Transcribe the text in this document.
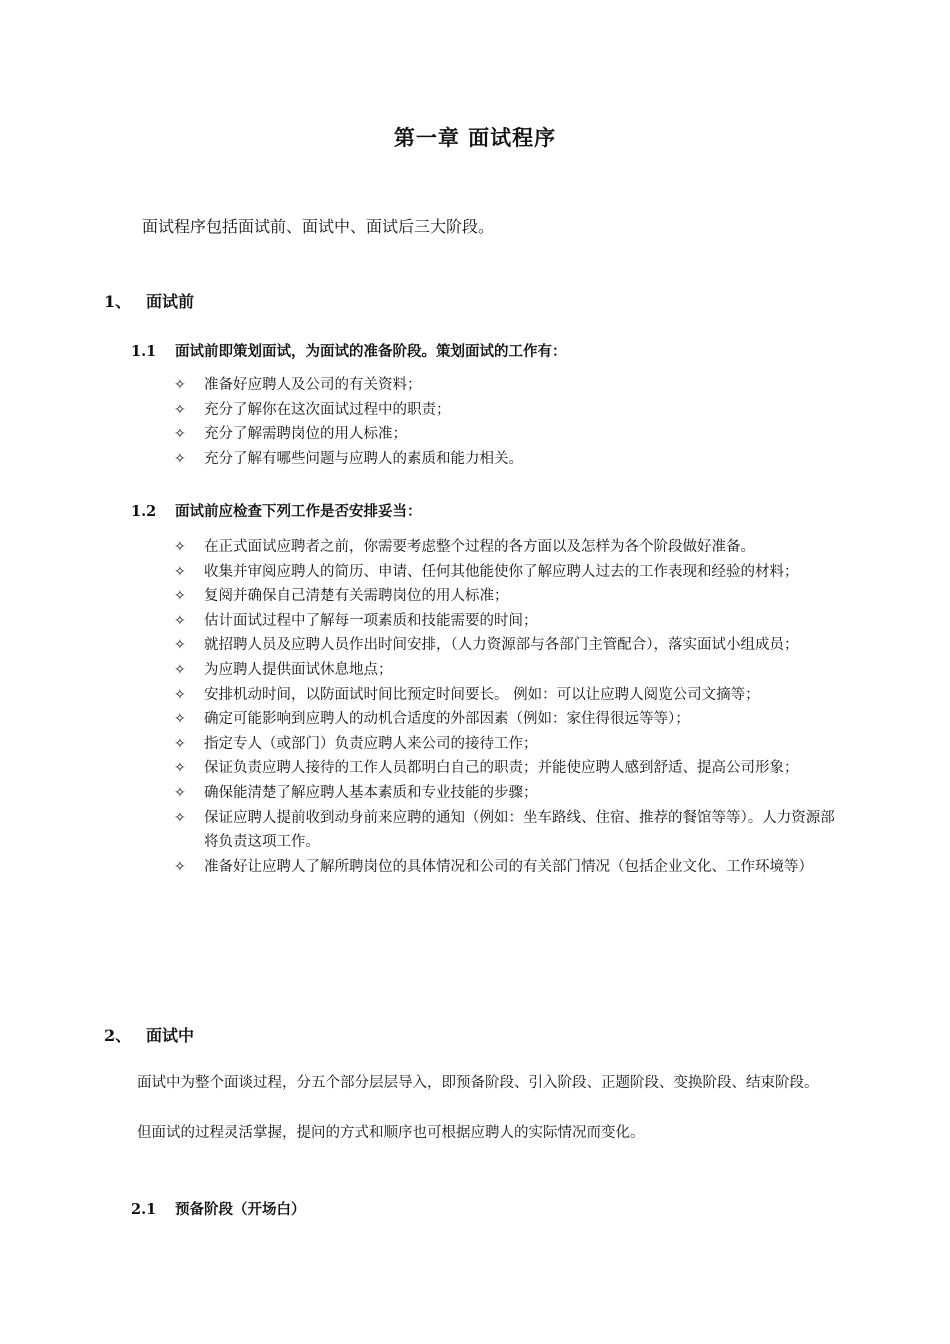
第一章 面试程序
面试程序包括面试前、面试中、面试后三大阶段。
1、 面试前
1.1 面试前即策划面试，为面试的准备阶段。策划面试的工作有：
✧ 准备好应聘人及公司的有关资料；
✧ 充分了解你在这次面试过程中的职责；
✧ 充分了解需聘岗位的用人标准；
✧ 充分了解有哪些问题与应聘人的素质和能力相关。
1.2 面试前应检查下列工作是否安排妥当：
✧ 在正式面试应聘者之前，你需要考虑整个过程的各方面以及怎样为各个阶段做好准备。
✧ 收集并审阅应聘人的简历、申请、任何其他能使你了解应聘人过去的工作表现和经验的材料；
✧ 复阅并确保自己清楚有关需聘岗位的用人标准；
✧ 估计面试过程中了解每一项素质和技能需要的时间；
✧ 就招聘人员及应聘人员作出时间安排，（人力资源部与各部门主管配合），落实面试小组成员；
✧ 为应聘人提供面试休息地点；
✧ 安排机动时间，以防面试时间比预定时间要长。 例如：可以让应聘人阅览公司文摘等；
✧ 确定可能影响到应聘人的动机合适度的外部因素（例如：家住得很远等等）；
✧ 指定专人（或部门）负责应聘人来公司的接待工作；
✧ 保证负责应聘人接待的工作人员都明白自己的职责；并能使应聘人感到舒适、提高公司形象；
✧ 确保能清楚了解应聘人基本素质和专业技能的步骤；
✧ 保证应聘人提前收到动身前来应聘的通知（例如：坐车路线、住宿、推荐的餐馆等等）。人力资源部将负责这项工作。
✧ 准备好让应聘人了解所聘岗位的具体情况和公司的有关部门情况（包括企业文化、工作环境等）
2、 面试中
面试中为整个面谈过程，分五个部分层层导入，即预备阶段、引入阶段、正题阶段、变换阶段、结束阶段。
但面试的过程灵活掌握，提问的方式和顺序也可根据应聘人的实际情况而变化。
2.1 预备阶段（开场白）
